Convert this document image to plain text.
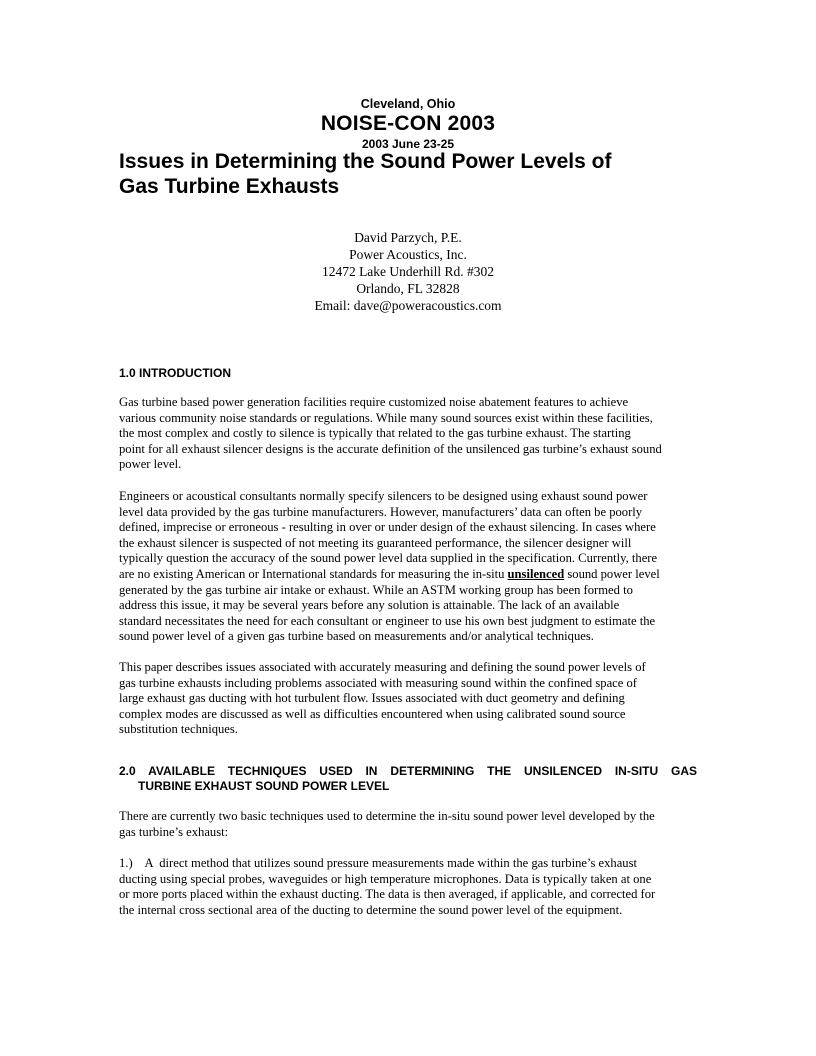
Cleveland, Ohio
NOISE-CON 2003
2003 June 23-25
Issues in Determining the Sound Power Levels of
Gas Turbine Exhausts
David Parzych, P.E.
Power Acoustics, Inc.
12472 Lake Underhill Rd. #302
Orlando, FL 32828
Email: dave@poweracoustics.com
1.0 INTRODUCTION

Gas turbine based power generation facilities require customized noise abatement features to achieve
various community noise standards or regulations. While many sound sources exist within these facilities,
the most complex and costly to silence is typically that related to the gas turbine exhaust. The starting
point for all exhaust silencer designs is the accurate definition of the unsilenced gas turbine’s exhaust sound
power level.

Engineers or acoustical consultants normally specify silencers to be designed using exhaust sound power
level data provided by the gas turbine manufacturers. However, manufacturers’ data can often be poorly
defined, imprecise or erroneous - resulting in over or under design of the exhaust silencing. In cases where
the exhaust silencer is suspected of not meeting its guaranteed performance, the silencer designer will
typically question the accuracy of the sound power level data supplied in the specification. Currently, there
are no existing American or International standards for measuring the in-situ unsilenced sound power level
generated by the gas turbine air intake or exhaust. While an ASTM working group has been formed to
address this issue, it may be several years before any solution is attainable. The lack of an available
standard necessitates the need for each consultant or engineer to use his own best judgment to estimate the
sound power level of a given gas turbine based on measurements and/or analytical techniques.

This paper describes issues associated with accurately measuring and defining the sound power levels of
gas turbine exhausts including problems associated with measuring sound within the confined space of
large exhaust gas ducting with hot turbulent flow. Issues associated with duct geometry and defining
complex modes are discussed as well as difficulties encountered when using calibrated sound source
substitution techniques.

2.0 AVAILABLE TECHNIQUES USED IN DETERMINING THE UNSILENCED IN-SITU GAS
TURBINE EXHAUST SOUND POWER LEVEL

There are currently two basic techniques used to determine the in-situ sound power level developed by the
gas turbine’s exhaust:

1.)    A  direct method that utilizes sound pressure measurements made within the gas turbine’s exhaust
ducting using special probes, waveguides or high temperature microphones. Data is typically taken at one
or more ports placed within the exhaust ducting. The data is then averaged, if applicable, and corrected for
the internal cross sectional area of the ducting to determine the sound power level of the equipment.
